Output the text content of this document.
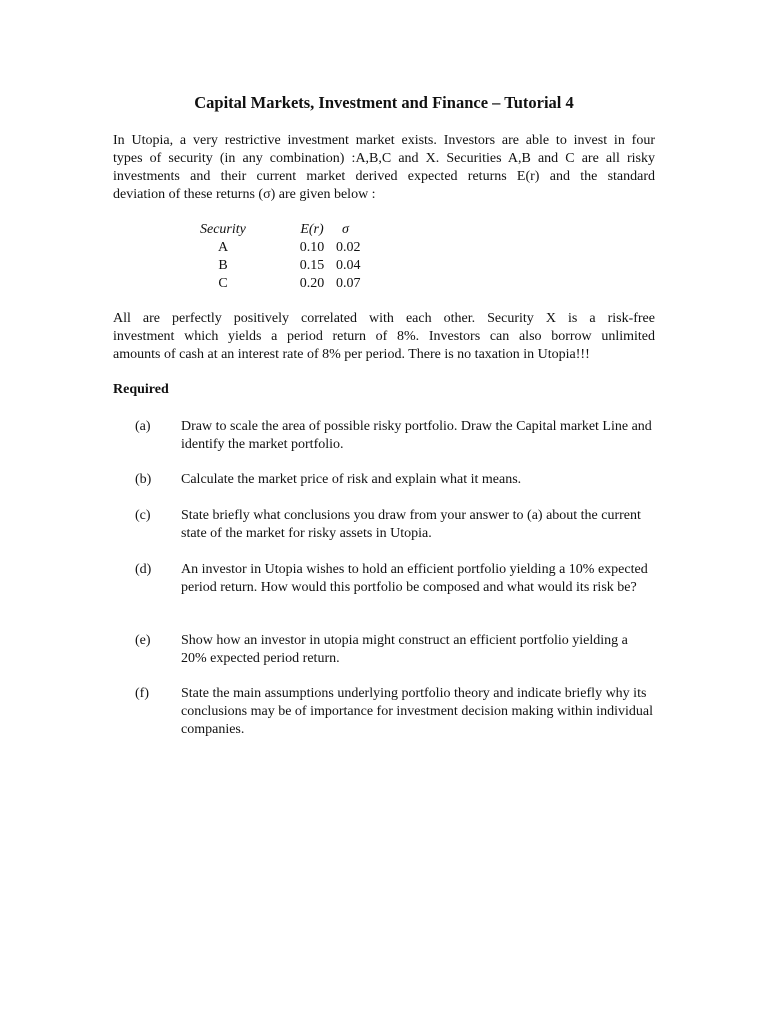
Capital Markets, Investment and Finance – Tutorial 4
In Utopia, a very restrictive investment market exists. Investors are able to invest in four
types of security (in any combination) :A,B,C and X. Securities A,B and C are all risky
investments and their current market derived expected returns E(r) and the standard
deviation of these returns (σ) are given below :
Security	E(r)	σ
A	0.10	0.02
B	0.15	0.04
C	0.20	0.07
All are perfectly positively correlated with each other. Security X is a risk-free
investment which yields a period return of 8%. Investors can also borrow unlimited
amounts of cash at an interest rate of 8% per period. There is no taxation in Utopia!!!
Required
(a) Draw to scale the area of possible risky portfolio. Draw the Capital market Line and identify the market portfolio.
(b) Calculate the market price of risk and explain what it means.
(c) State briefly what conclusions you draw from your answer to (a) about the current state of the market for risky assets in Utopia.
(d) An investor in Utopia wishes to hold an efficient portfolio yielding a 10% expected period return. How would this portfolio be composed and what would its risk be?
(e) Show how an investor in utopia might construct an efficient portfolio yielding a 20% expected period return.
(f) State the main assumptions underlying portfolio theory and indicate briefly why its conclusions may be of importance for investment decision making within individual companies.
